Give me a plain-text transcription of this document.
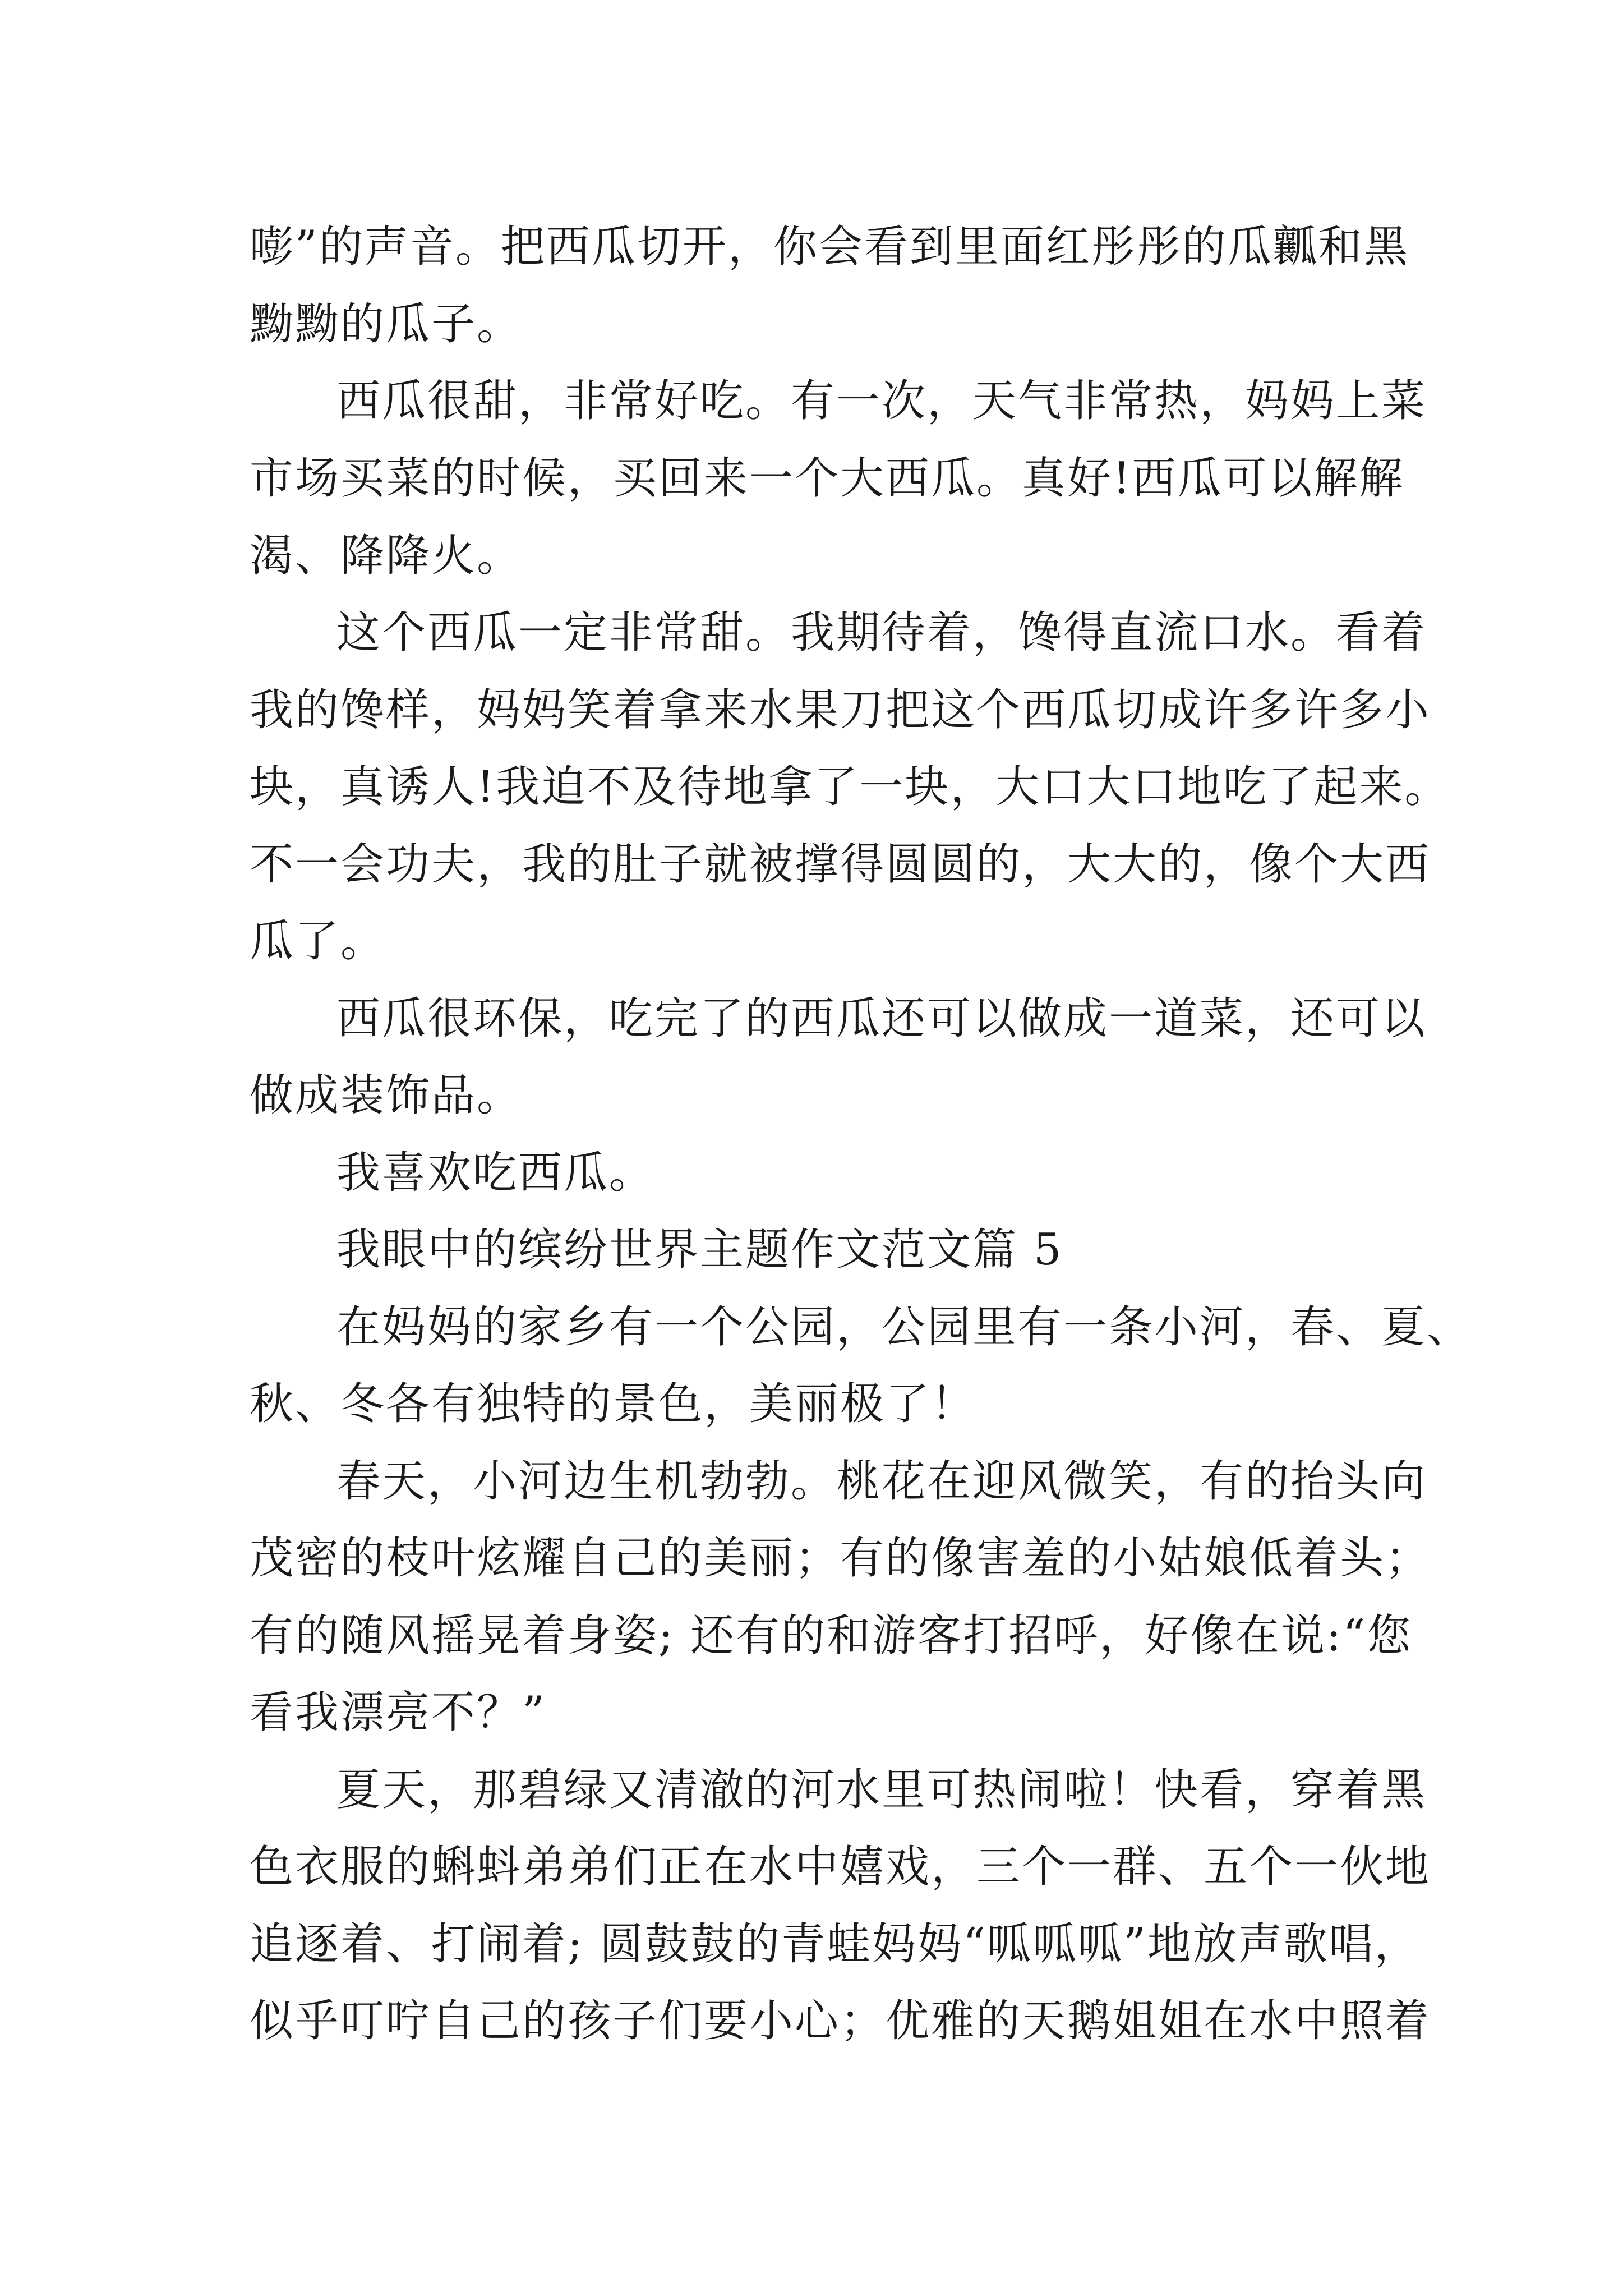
嘭”的声音。把西瓜切开，你会看到里面红彤彤的瓜瓤和黑
黝黝的瓜子。
西瓜很甜，非常好吃。有一次，天气非常热，妈妈上菜
市场买菜的时候，买回来一个大西瓜。真好!西瓜可以解解
渴、降降火。
这个西瓜一定非常甜。我期待着，馋得直流口水。看着
我的馋样，妈妈笑着拿来水果刀把这个西瓜切成许多许多小
块，真诱人!我迫不及待地拿了一块，大口大口地吃了起来。
不一会功夫，我的肚子就被撑得圆圆的，大大的，像个大西
瓜了。
西瓜很环保，吃完了的西瓜还可以做成一道菜，还可以
做成装饰品。
我喜欢吃西瓜。
我眼中的缤纷世界主题作文范文篇 5
在妈妈的家乡有一个公园，公园里有一条小河，春、夏、
秋、冬各有独特的景色，美丽极了！
春天，小河边生机勃勃。桃花在迎风微笑，有的抬头向
茂密的枝叶炫耀自己的美丽；有的像害羞的小姑娘低着头；
有的随风摇晃着身姿; 还有的和游客打招呼，好像在说:“您
看我漂亮不？”
夏天，那碧绿又清澈的河水里可热闹啦！快看，穿着黑
色衣服的蝌蚪弟弟们正在水中嬉戏，三个一群、五个一伙地
追逐着、打闹着; 圆鼓鼓的青蛙妈妈“呱呱呱”地放声歌唱，
似乎叮咛自己的孩子们要小心；优雅的天鹅姐姐在水中照着
